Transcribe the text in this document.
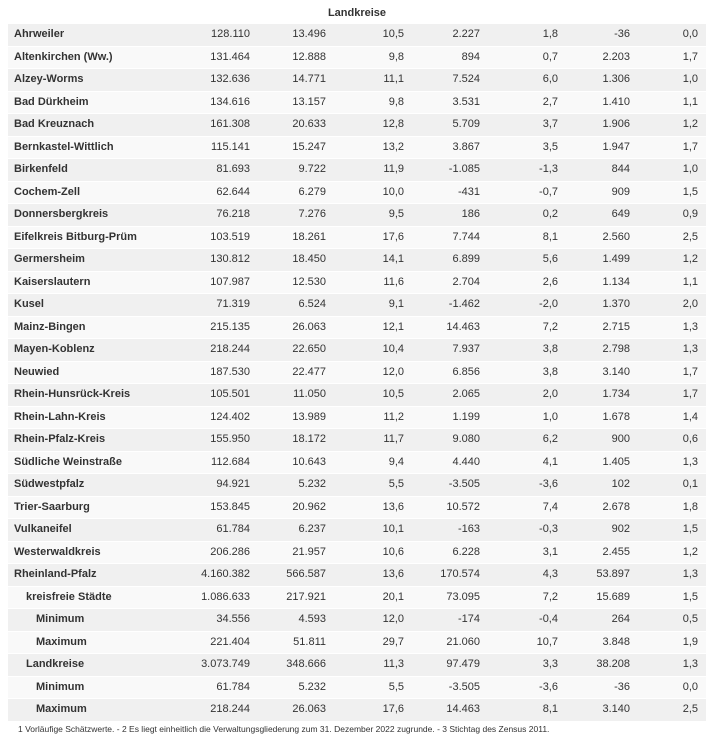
Landkreise
Ahrweiler	128.110	13.496	10,5	2.227	1,8	-36	0,0
Altenkirchen (Ww.)	131.464	12.888	9,8	894	0,7	2.203	1,7
Alzey-Worms	132.636	14.771	11,1	7.524	6,0	1.306	1,0
Bad Dürkheim	134.616	13.157	9,8	3.531	2,7	1.410	1,1
Bad Kreuznach	161.308	20.633	12,8	5.709	3,7	1.906	1,2
Bernkastel-Wittlich	115.141	15.247	13,2	3.867	3,5	1.947	1,7
Birkenfeld	81.693	9.722	11,9	-1.085	-1,3	844	1,0
Cochem-Zell	62.644	6.279	10,0	-431	-0,7	909	1,5
Donnersbergkreis	76.218	7.276	9,5	186	0,2	649	0,9
Eifelkreis Bitburg-Prüm	103.519	18.261	17,6	7.744	8,1	2.560	2,5
Germersheim	130.812	18.450	14,1	6.899	5,6	1.499	1,2
Kaiserslautern	107.987	12.530	11,6	2.704	2,6	1.134	1,1
Kusel	71.319	6.524	9,1	-1.462	-2,0	1.370	2,0
Mainz-Bingen	215.135	26.063	12,1	14.463	7,2	2.715	1,3
Mayen-Koblenz	218.244	22.650	10,4	7.937	3,8	2.798	1,3
Neuwied	187.530	22.477	12,0	6.856	3,8	3.140	1,7
Rhein-Hunsrück-Kreis	105.501	11.050	10,5	2.065	2,0	1.734	1,7
Rhein-Lahn-Kreis	124.402	13.989	11,2	1.199	1,0	1.678	1,4
Rhein-Pfalz-Kreis	155.950	18.172	11,7	9.080	6,2	900	0,6
Südliche Weinstraße	112.684	10.643	9,4	4.440	4,1	1.405	1,3
Südwestpfalz	94.921	5.232	5,5	-3.505	-3,6	102	0,1
Trier-Saarburg	153.845	20.962	13,6	10.572	7,4	2.678	1,8
Vulkaneifel	61.784	6.237	10,1	-163	-0,3	902	1,5
Westerwaldkreis	206.286	21.957	10,6	6.228	3,1	2.455	1,2
Rheinland-Pfalz	4.160.382	566.587	13,6	170.574	4,3	53.897	1,3
kreisfreie Städte	1.086.633	217.921	20,1	73.095	7,2	15.689	1,5
Minimum	34.556	4.593	12,0	-174	-0,4	264	0,5
Maximum	221.404	51.811	29,7	21.060	10,7	3.848	1,9
Landkreise	3.073.749	348.666	11,3	97.479	3,3	38.208	1,3
Minimum	61.784	5.232	5,5	-3.505	-3,6	-36	0,0
Maximum	218.244	26.063	17,6	14.463	8,1	3.140	2,5
1 Vorläufige Schätzwerte. - 2 Es liegt einheitlich die Verwaltungsgliederung zum 31. Dezember 2022 zugrunde. - 3 Stichtag des Zensus 2011.
